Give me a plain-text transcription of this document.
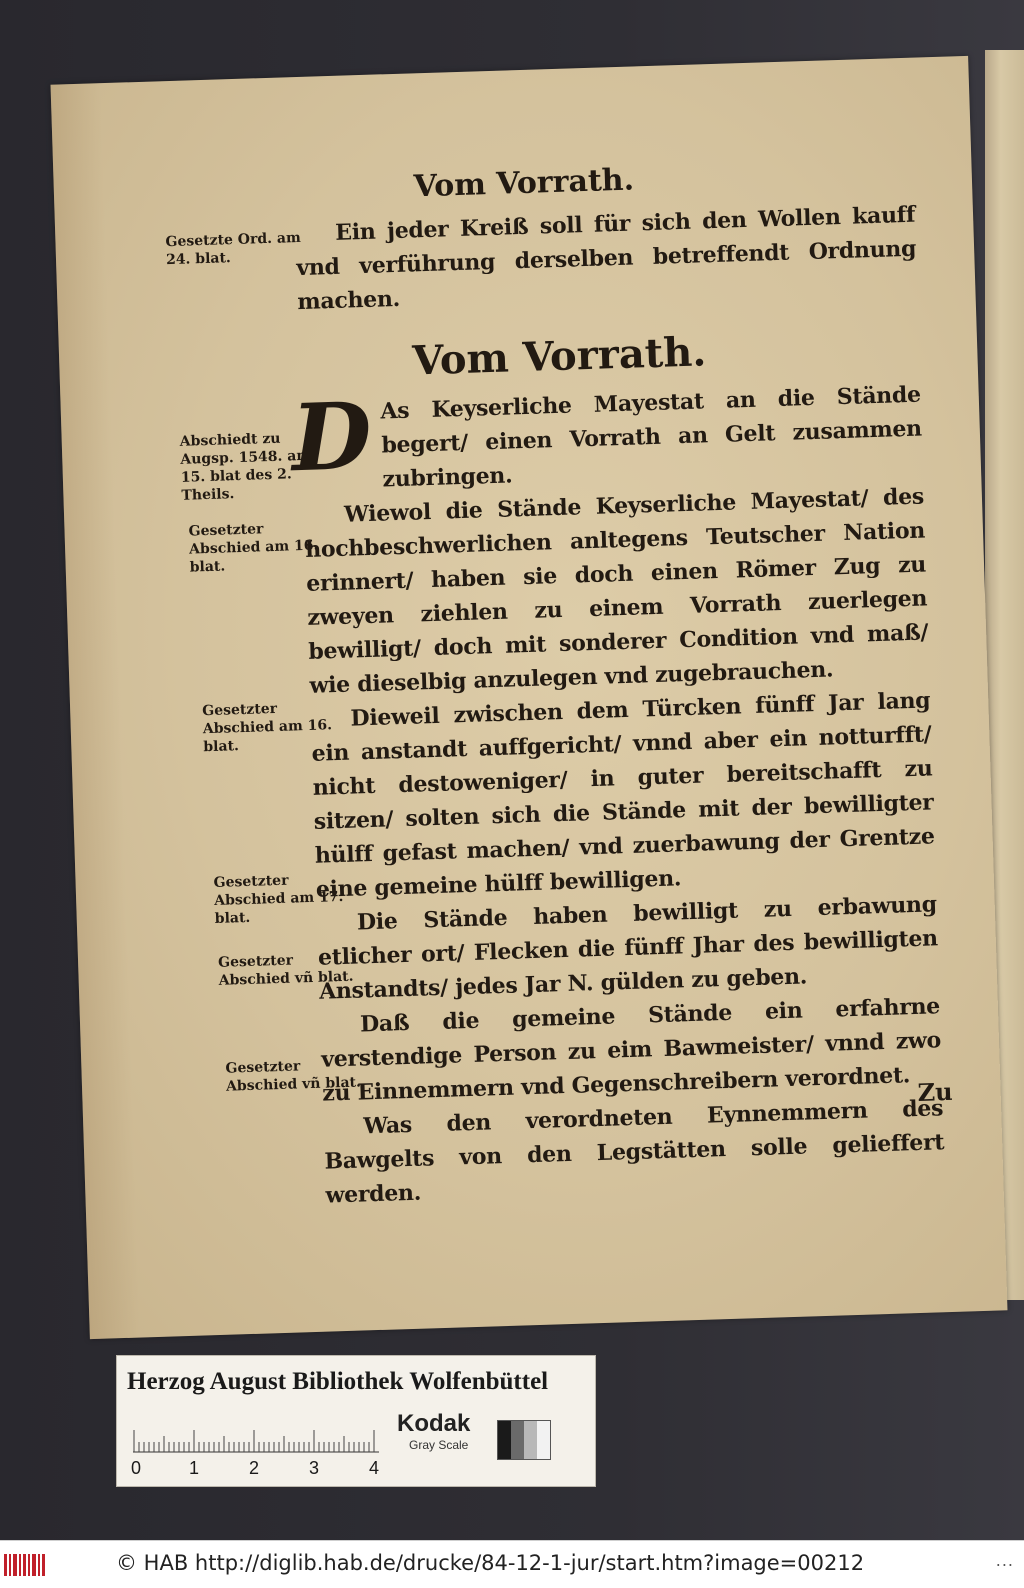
Vom Vorrath.
Gesetzte Ord. am 24. blat.
Ein jeder Kreiß soll für sich den Wollen kauff vnd verführung derselben betreffendt Ordnung machen.
Vom Vorrath.
Abschiedt zu Augsp. 1548. am 15. blat des 2. Theils.
Gesetzter Abschied am 16. blat.
Gesetzter Abschied am 16. blat.
Gesetzter Abschied am 17. blat.
Gesetzter Abschied vñ blat.
Gesetzter Abschied vñ blat.
D As Keyserliche Mayestat an die Stände begert/ einen Vorrath an Gelt zusammen zubringen.
Wiewol die Stände Keyserliche Mayestat/ des hochbeschwerlichen anltegens Teutscher Nation erinnert/ haben sie doch einen Römer Zug zu zweyen ziehlen zu einem Vorrath zuerlegen bewilligt/ doch mit sonderer Condition vnd maß/ wie dieselbig anzulegen vnd zugebrauchen.
Dieweil zwischen dem Türcken fünff Jar lang ein anstandt auffgericht/ vnnd aber ein notturfft/ nicht destoweniger/ in guter bereitschafft zu sitzen/ solten sich die Stände mit der bewilligter hülff gefast machen/ vnd zuerbawung der Grentze eine gemeine hülff bewilligen.
Die Stände haben bewilligt zu erbawung etlicher ort/ Flecken die fünff Jhar des bewilligten Anstandts/ jedes Jar N. gülden zu geben.
Daß die gemeine Stände ein erfahrne verstendige Person zu eim Bawmeister/ vnnd zwo zu Einnemmern vnd Gegenschreibern verordnet.
Was den verordneten Eynnemmern des Bawgelts von den Legstätten solle gelieffert werden.
Zu
Herzog August Bibliothek Wolfenbüttel
0	1	2	3	4
Kodak
Gray Scale
© HAB http://diglib.hab.de/drucke/84-12-1-jur/start.htm?image=00212	...
